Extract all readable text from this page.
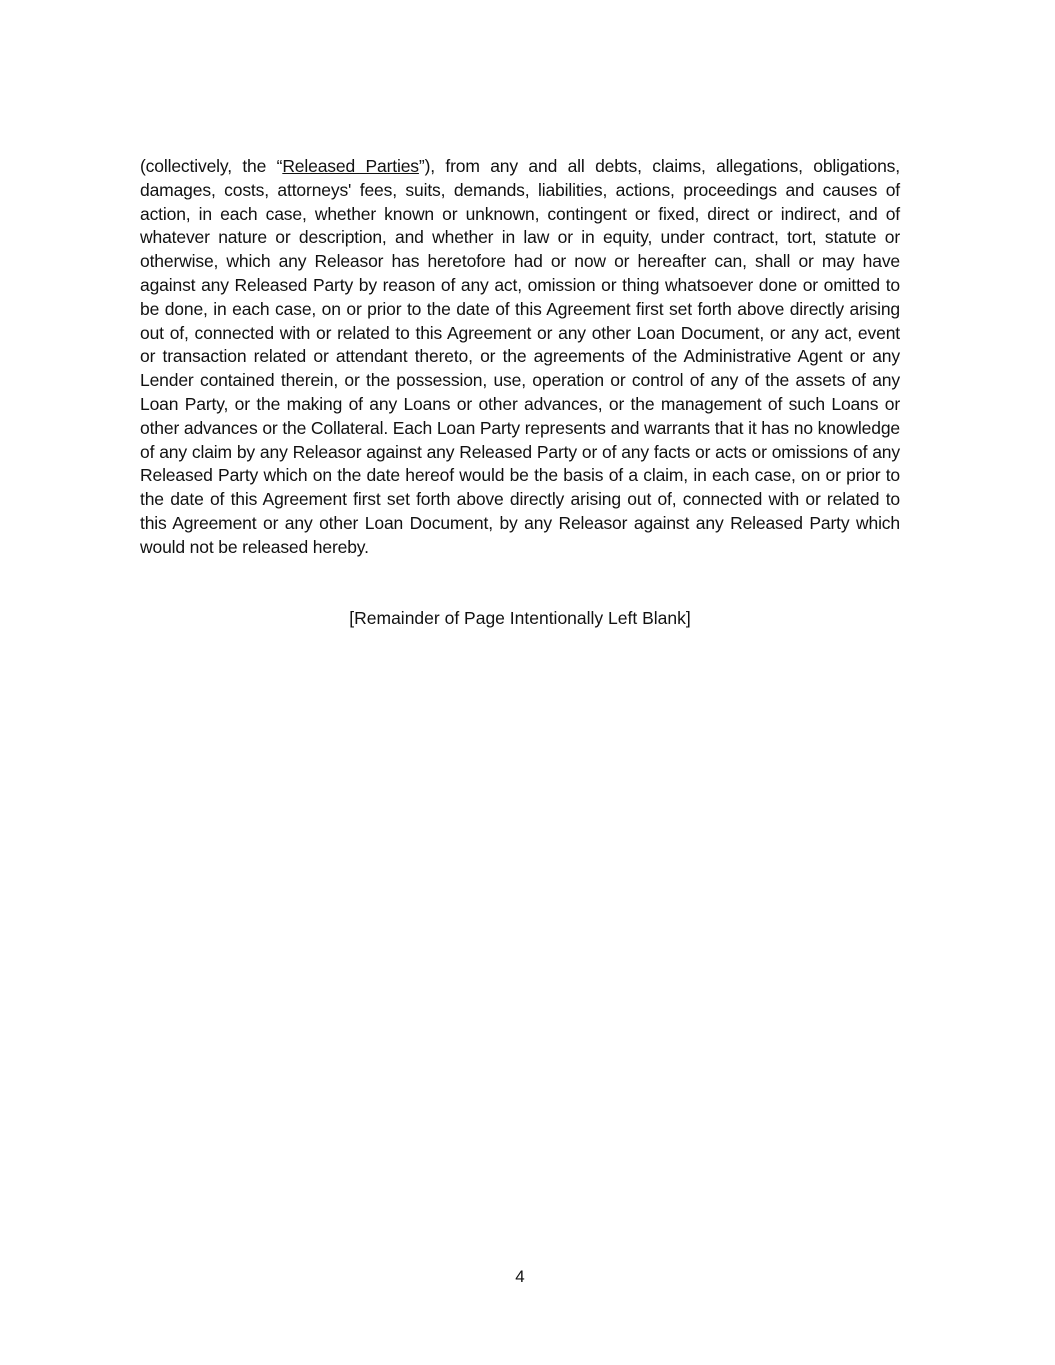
(collectively, the “Released Parties”), from any and all debts, claims, allegations, obligations, damages, costs, attorneys' fees, suits, demands, liabilities, actions, proceedings and causes of action, in each case, whether known or unknown, contingent or fixed, direct or indirect, and of whatever nature or description, and whether in law or in equity, under contract, tort, statute or otherwise, which any Releasor has heretofore had or now or hereafter can, shall or may have against any Released Party by reason of any act, omission or thing whatsoever done or omitted to be done, in each case, on or prior to the date of this Agreement first set forth above directly arising out of, connected with or related to this Agreement or any other Loan Document, or any act, event or transaction related or attendant thereto, or the agreements of the Administrative Agent or any Lender contained therein, or the possession, use, operation or control of any of the assets of any Loan Party, or the making of any Loans or other advances, or the management of such Loans or other advances or the Collateral. Each Loan Party represents and warrants that it has no knowledge of any claim by any Releasor against any Released Party or of any facts or acts or omissions of any Released Party which on the date hereof would be the basis of a claim, in each case, on or prior to the date of this Agreement first set forth above directly arising out of, connected with or related to this Agreement or any other Loan Document, by any Releasor against any Released Party which would not be released hereby.

[Remainder of Page Intentionally Left Blank]

4
